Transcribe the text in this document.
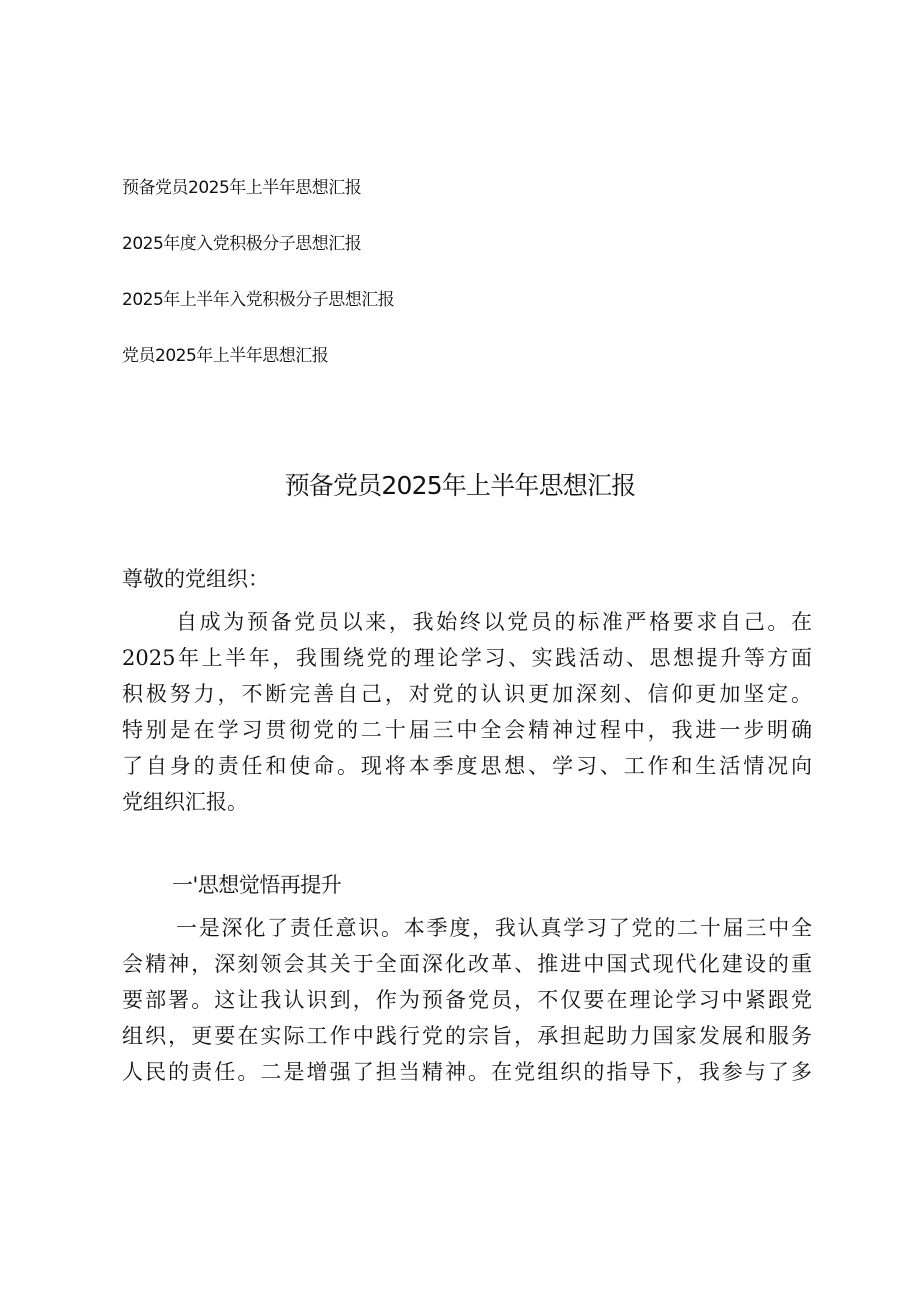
预备党员2025年上半年思想汇报
2025年度入党积极分子思想汇报
2025年上半年入党积极分子思想汇报
党员2025年上半年思想汇报
预备党员2025年上半年思想汇报
尊敬的党组织：
自成为预备党员以来，我始终以党员的标准严格要求自己。在
2025年上半年，我围绕党的理论学习、实践活动、思想提升等方面
积极努力，不断完善自己，对党的认识更加深刻、信仰更加坚定。
特别是在学习贯彻党的二十届三中全会精神过程中，我进一步明确
了自身的责任和使命。现将本季度思想、学习、工作和生活情况向
党组织汇报。
一'思想觉悟再提升
一是深化了责任意识。本季度，我认真学习了党的二十届三中全
会精神，深刻领会其关于全面深化改革、推进中国式现代化建设的重
要部署。这让我认识到，作为预备党员，不仅要在理论学习中紧跟党
组织，更要在实际工作中践行党的宗旨，承担起助力国家发展和服务
人民的责任。二是增强了担当精神。在党组织的指导下，我参与了多
